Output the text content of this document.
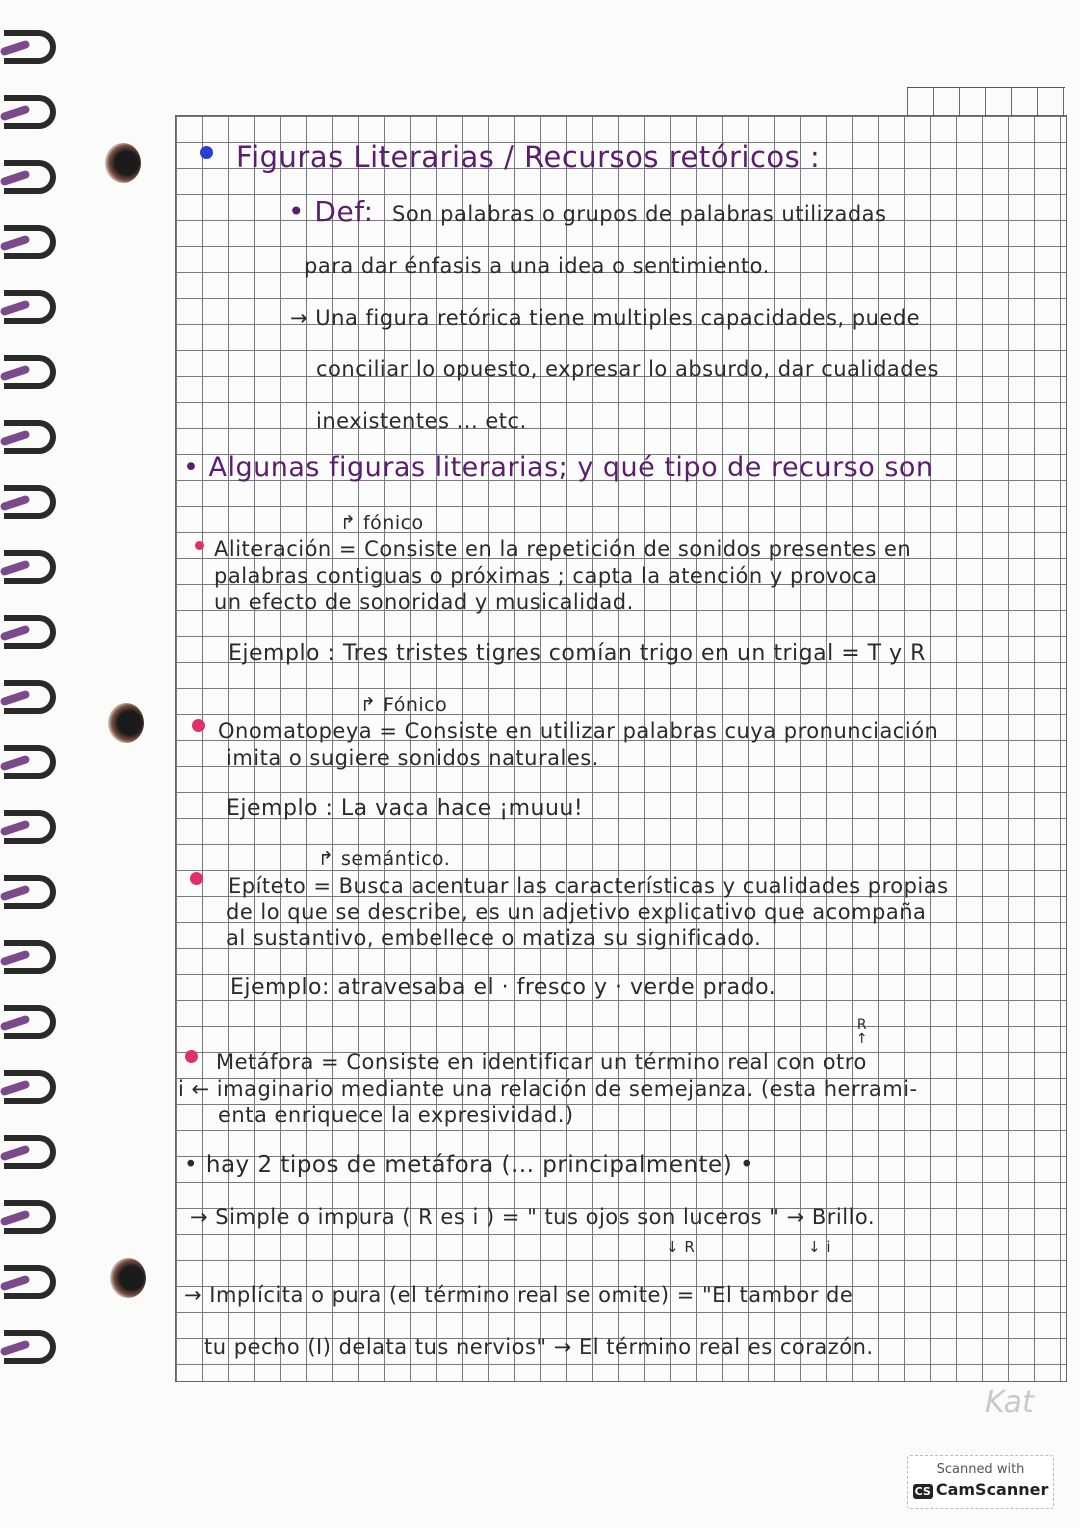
Figuras Literarias / Recursos retóricos :
• Def: Son palabras o grupos de palabras utilizadas
para dar énfasis a una idea o sentimiento.
→ Una figura retórica tiene multiples capacidades, puede
conciliar lo opuesto, expresar lo absurdo, dar cualidades
inexistentes ... etc.
• Algunas figuras literarias; y qué tipo de recurso son
↱ fónico
Aliteración = Consiste en la repetición de sonidos presentes en
palabras contiguas o próximas ; capta la atención y provoca
un efecto de sonoridad y musicalidad.
Ejemplo : Tres tristes tigres comían trigo en un trigal = T y R
↱ Fónico
Onomatopeya = Consiste en utilizar palabras cuya pronunciación
imita o sugiere sonidos naturales.
Ejemplo : La vaca hace ¡muuu!
↱ semántico.
Epíteto = Busca acentuar las características y cualidades propias
de lo que se describe, es un adjetivo explicativo que acompaña
al sustantivo, embellece o matiza su significado.
Ejemplo: atravesaba el · fresco y · verde prado.
R ↑
Metáfora = Consiste en identificar un término real con otro
i ← imaginario mediante una relación de semejanza. (esta herrami-
enta enriquece la expresividad.)
• hay 2 tipos de metáfora (... principalmente) •
→ Simple o impura ( R es i ) = " tus ojos son luceros " → Brillo.
↓ R	↓ i
→ Implícita o pura (el término real se omite) = "El tambor de
tu pecho (I) delata tus nervios" → El término real es corazón.
Kat
Scanned with
CS CamScanner
